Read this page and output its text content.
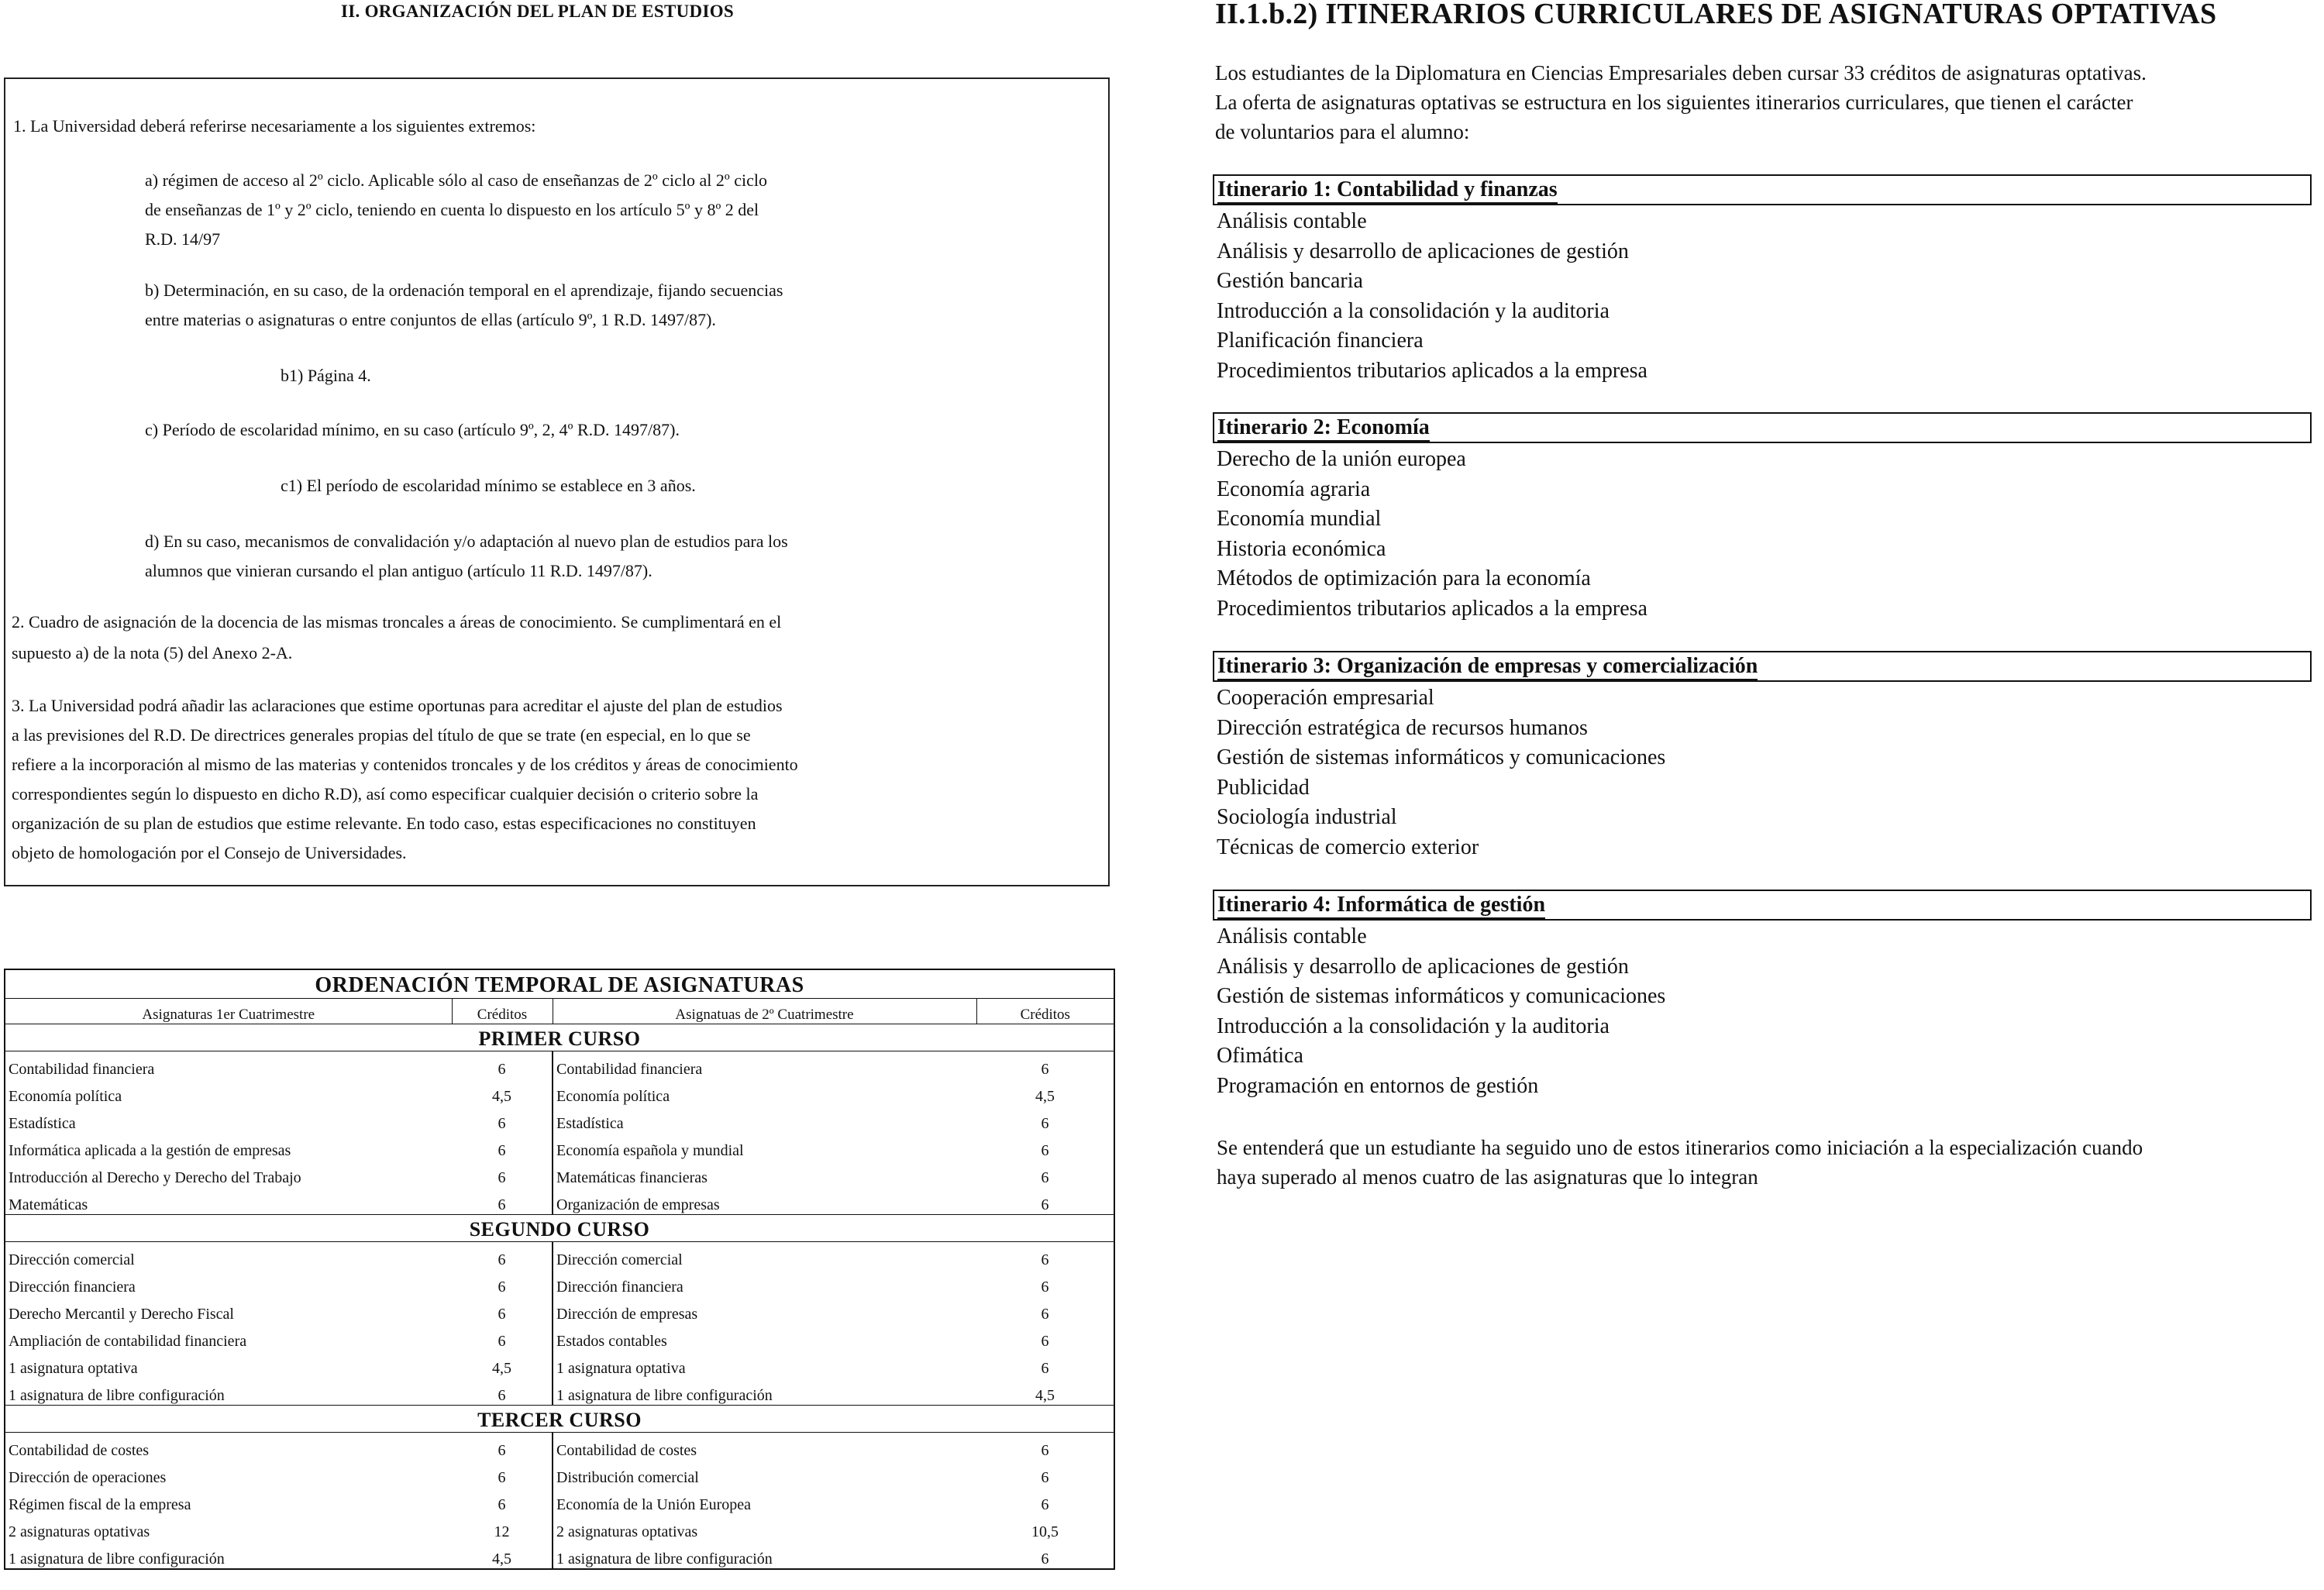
II. ORGANIZACIÓN DEL PLAN DE ESTUDIOS
1. La Universidad deberá referirse necesariamente a los siguientes extremos:
a) régimen de acceso al 2º ciclo. Aplicable sólo al caso de enseñanzas de 2º ciclo al 2º ciclo
de enseñanzas de 1º y 2º ciclo, teniendo en cuenta lo dispuesto en los artículo 5º y 8º 2 del
R.D. 14/97
b) Determinación, en su caso, de la ordenación temporal en el aprendizaje, fijando secuencias
entre materias o asignaturas o entre conjuntos de ellas (artículo 9º, 1 R.D. 1497/87).
b1) Página 4.
c) Período de escolaridad mínimo, en su caso (artículo 9º, 2, 4º R.D. 1497/87).
c1) El período de escolaridad mínimo se establece en 3 años.
d) En su caso, mecanismos de convalidación y/o adaptación al nuevo plan de estudios para los
alumnos que vinieran cursando el plan antiguo (artículo 11 R.D. 1497/87).
2. Cuadro de asignación de la docencia de las mismas troncales a áreas de conocimiento. Se cumplimentará en el
supuesto a) de la nota (5) del Anexo 2-A.
3. La Universidad podrá añadir las aclaraciones que estime oportunas para acreditar el ajuste del plan de estudios
a las previsiones del R.D. De directrices generales propias del título de que se trate (en especial, en lo que se
refiere a la incorporación al mismo de las materias y contenidos troncales y de los créditos y áreas de conocimiento
correspondientes según lo dispuesto en dicho R.D), así como especificar cualquier decisión o criterio sobre la
organización de su plan de estudios que estime relevante. En todo caso, estas especificaciones no constituyen
objeto de homologación por el Consejo de Universidades.
ORDENACIÓN TEMPORAL DE ASIGNATURAS			
Asignaturas 1er Cuatrimestre	Créditos	Asignatuas de 2º Cuatrimestre	Créditos
PRIMER CURSO			
Contabilidad financiera	6	Contabilidad financiera	6
Economía política	4,5	Economía política	4,5
Estadística	6	Estadística	6
Informática aplicada a la gestión de empresas	6	Economía española y mundial	6
Introducción al Derecho y Derecho del Trabajo	6	Matemáticas financieras	6
Matemáticas	6	Organización de empresas	6
SEGUNDO CURSO			
Dirección comercial	6	Dirección comercial	6
Dirección financiera	6	Dirección financiera	6
Derecho Mercantil y Derecho Fiscal	6	Dirección de empresas	6
Ampliación de contabilidad financiera	6	Estados contables	6
1 asignatura optativa	4,5	1 asignatura optativa	6
1 asignatura de libre configuración	6	1 asignatura de libre configuración	4,5
TERCER CURSO			
Contabilidad de costes	6	Contabilidad de costes	6
Dirección de operaciones	6	Distribución comercial	6
Régimen fiscal de la empresa	6	Economía de la Unión Europea	6
2 asignaturas optativas	12	2 asignaturas optativas	10,5
1 asignatura de libre configuración	4,5	1 asignatura de libre configuración	6
II.1.b.2) ITINERARIOS CURRICULARES DE ASIGNATURAS OPTATIVAS
Los estudiantes de la Diplomatura en Ciencias Empresariales deben cursar 33 créditos de asignaturas optativas.
La oferta de asignaturas optativas se estructura en los siguientes itinerarios curriculares, que tienen el carácter
de voluntarios para el alumno:
Itinerario 1: Contabilidad y finanzas
Análisis contable
Análisis y desarrollo de aplicaciones de gestión
Gestión bancaria
Introducción a la consolidación y la auditoria
Planificación financiera
Procedimientos tributarios aplicados a la empresa
Itinerario 2: Economía
Derecho de la unión europea
Economía agraria
Economía mundial
Historia económica
Métodos de optimización para la economía
Procedimientos tributarios aplicados a la empresa
Itinerario 3: Organización de empresas y comercialización
Cooperación empresarial
Dirección estratégica de recursos humanos
Gestión de sistemas informáticos y comunicaciones
Publicidad
Sociología industrial
Técnicas de comercio exterior
Itinerario 4: Informática de gestión
Análisis contable
Análisis y desarrollo de aplicaciones de gestión
Gestión de sistemas informáticos y comunicaciones
Introducción a la consolidación y la auditoria
Ofimática
Programación en entornos de gestión
Se entenderá que un estudiante ha seguido uno de estos itinerarios como iniciación a la especialización cuando
haya superado al menos cuatro de las asignaturas que lo integran
